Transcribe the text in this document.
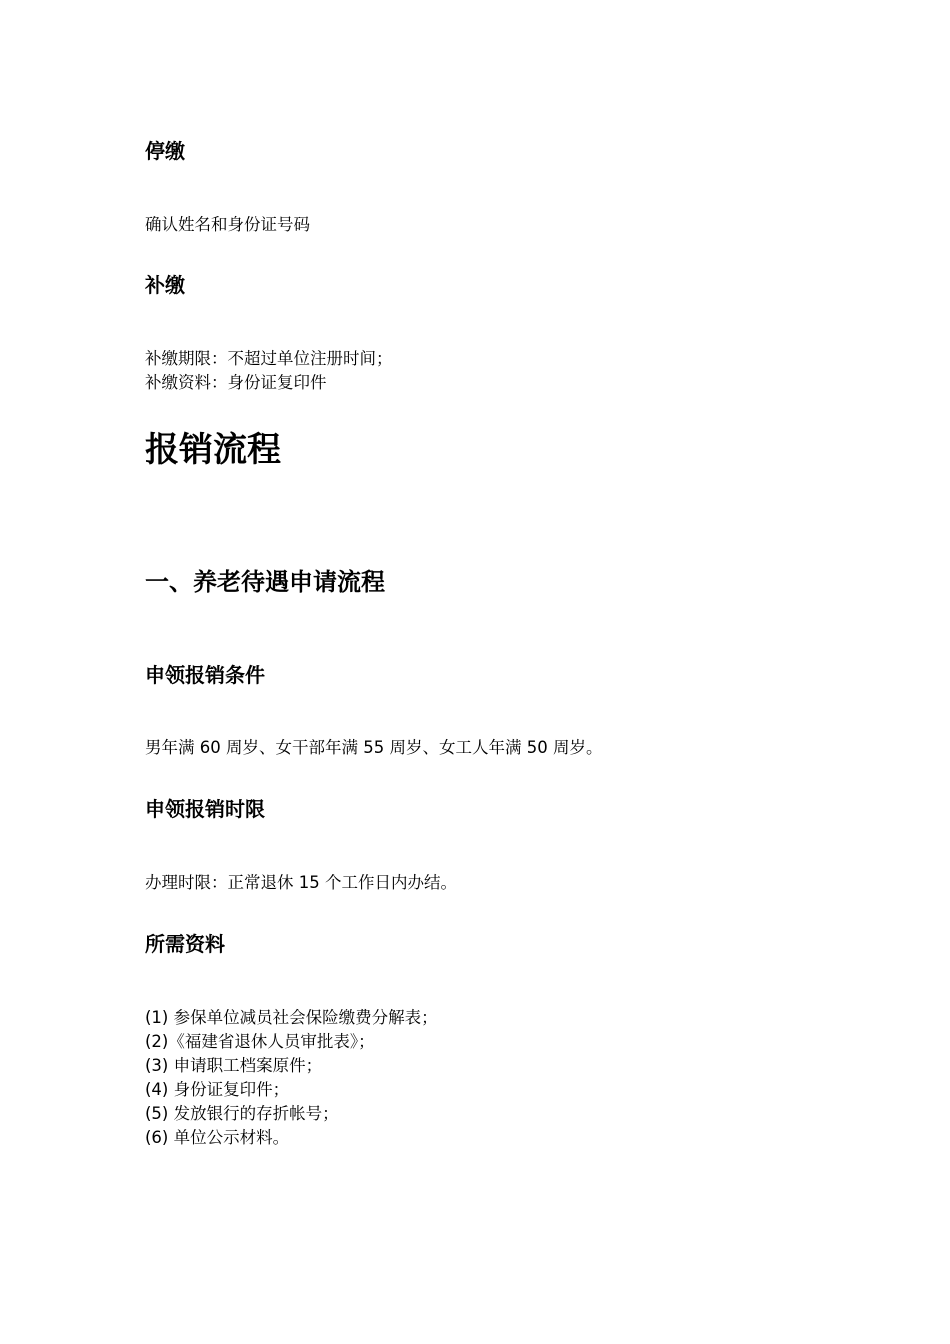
停缴

确认姓名和身份证号码

补缴
补缴期限：不超过单位注册时间；
补缴资料：身份证复印件
报销流程
一、养老待遇申请流程
申领报销条件

男年满 60 周岁、女干部年满 55 周岁、女工人年满 50 周岁。

申领报销时限

办理时限：正常退休 15 个工作日内办结。

所需资料
(1) 参保单位减员社会保险缴费分解表；
(2)《福建省退休人员审批表》；
(3) 申请职工档案原件；
(4) 身份证复印件；
(5) 发放银行的存折帐号；
(6) 单位公示材料。
